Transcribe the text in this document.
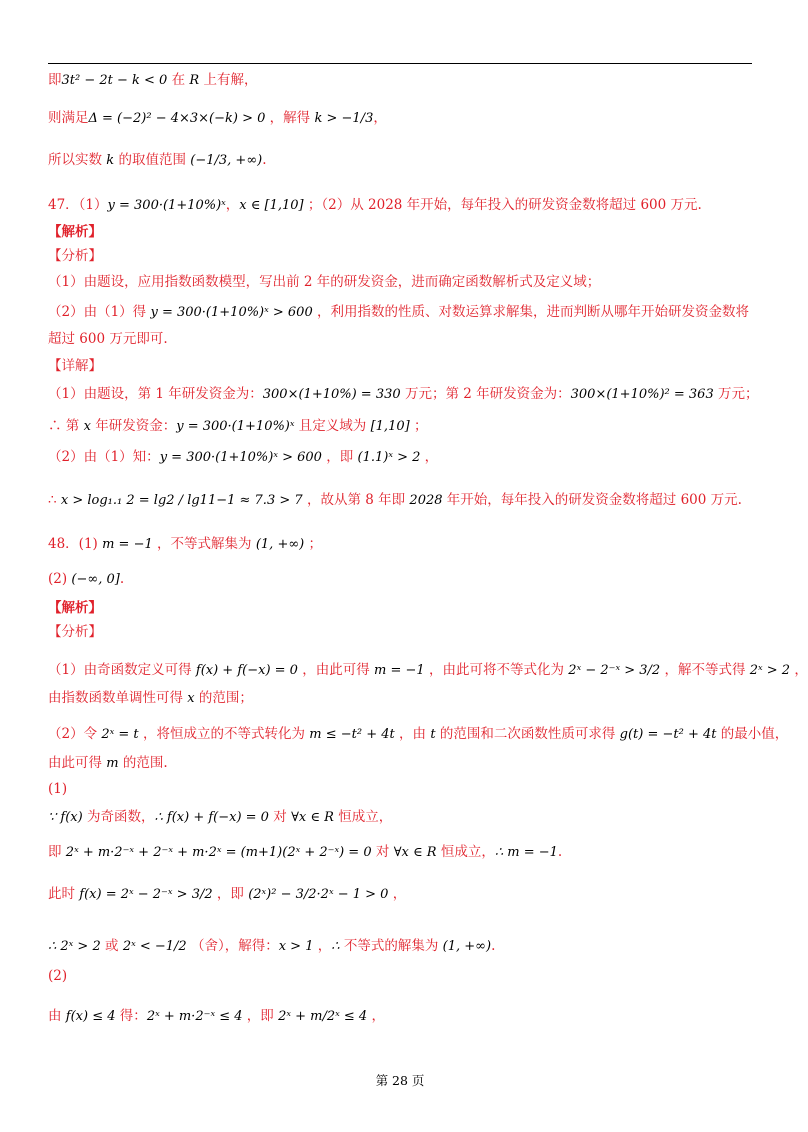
即3t² − 2t − k < 0 在 R 上有解，
则满足Δ = (−2)² − 4×3×(−k) > 0 ，解得 k > −1/3，
所以实数 k 的取值范围 (−1/3, +∞).
47．（1）y = 300·(1+10%)ˣ，x ∈ [1,10] ；（2）从 2028 年开始，每年投入的研发资金数将超过 600 万元.
【解析】
【分析】
（1）由题设，应用指数函数模型，写出前 2 年的研发资金，进而确定函数解析式及定义域；
（2）由（1）得 y = 300·(1+10%)ˣ > 600 ，利用指数的性质、对数运算求解集，进而判断从哪年开始研发资金数将
超过 600 万元即可.
【详解】
（1）由题设，第 1 年研发资金为：300×(1+10%) = 330 万元；第 2 年研发资金为：300×(1+10%)² = 363 万元；
∴ 第 x 年研发资金：y = 300·(1+10%)ˣ 且定义域为 [1,10] ；
（2）由（1）知：y = 300·(1+10%)ˣ > 600 ，即 (1.1)ˣ > 2 ，
∴ x > log₁.₁ 2 = lg2 / lg11−1 ≈ 7.3 > 7 ，故从第 8 年即 2028 年开始，每年投入的研发资金数将超过 600 万元.
48．(1) m = −1 ，不等式解集为 (1, +∞) ；
(2) (−∞, 0].
【解析】
【分析】
（1）由奇函数定义可得 f(x) + f(−x) = 0 ，由此可得 m = −1 ，由此可将不等式化为 2ˣ − 2⁻ˣ > 3/2 ，解不等式得 2ˣ > 2 ，
由指数函数单调性可得 x 的范围；
（2）令 2ˣ = t ，将恒成立的不等式转化为 m ≤ −t² + 4t ，由 t 的范围和二次函数性质可求得 g(t) = −t² + 4t 的最小值，
由此可得 m 的范围.
(1)
∵ f(x) 为奇函数，∴ f(x) + f(−x) = 0 对 ∀x ∈ R 恒成立，
即 2ˣ + m·2⁻ˣ + 2⁻ˣ + m·2ˣ = (m+1)(2ˣ + 2⁻ˣ) = 0 对 ∀x ∈ R 恒成立，∴ m = −1.
此时 f(x) = 2ˣ − 2⁻ˣ > 3/2 ，即 (2ˣ)² − 3/2·2ˣ − 1 > 0 ，
∴ 2ˣ > 2 或 2ˣ < −1/2 （舍），解得：x > 1 ，∴ 不等式的解集为 (1, +∞).
(2)
由 f(x) ≤ 4 得：2ˣ + m·2⁻ˣ ≤ 4 ，即 2ˣ + m/2ˣ ≤ 4 ，
第 28 页
